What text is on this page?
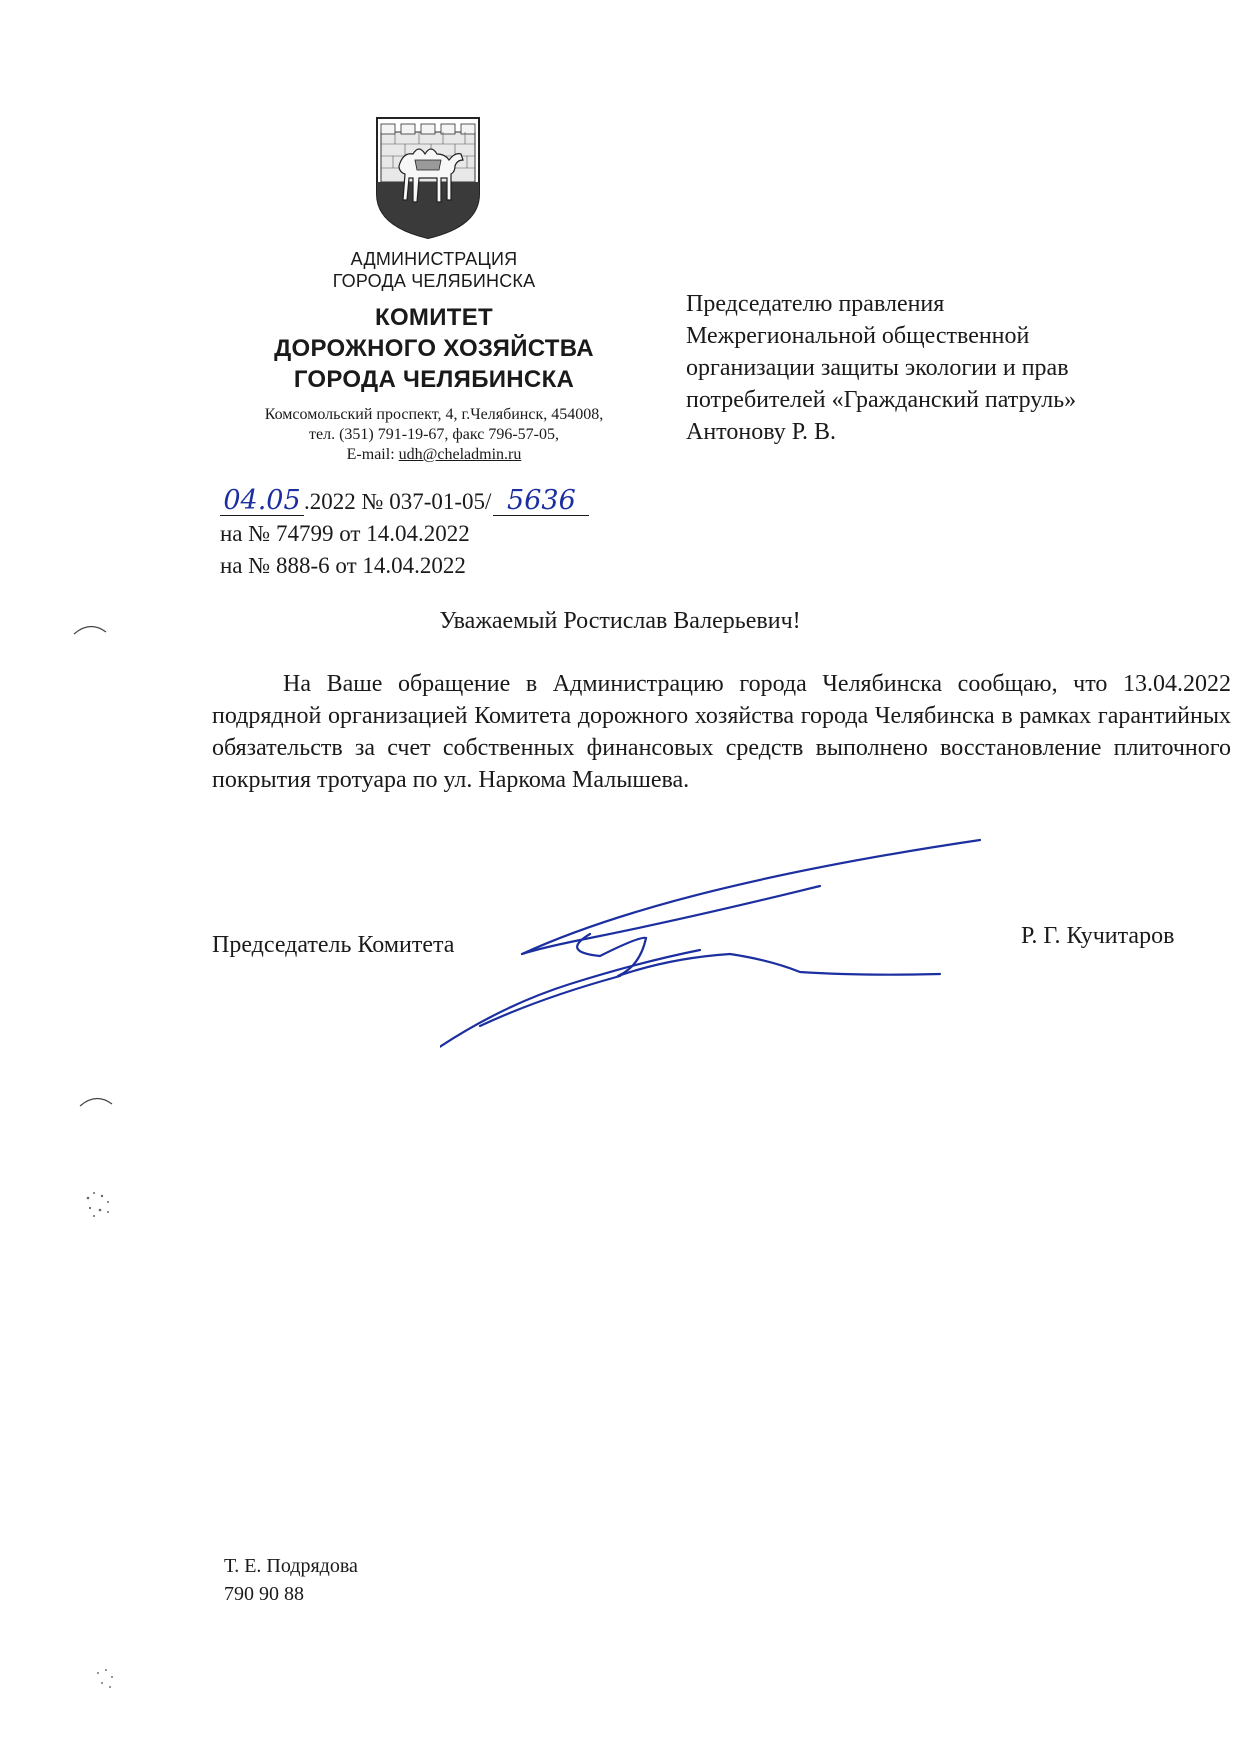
АДМИНИСТРАЦИЯ
ГОРОДА ЧЕЛЯБИНСКА
КОМИТЕТ
ДОРОЖНОГО ХОЗЯЙСТВА
ГОРОДА ЧЕЛЯБИНСКА
Комсомольский проспект, 4, г.Челябинск, 454008,
тел. (351) 791-19-67, факс 796-57-05,
E-mail: udh@cheladmin.ru
04.05 .2022 № 037-01-05/ 5636
на № 74799 от 14.04.2022
на № 888-6 от 14.04.2022
Председателю правления
Межрегиональной общественной
организации защиты экологии и прав
потребителей «Гражданский патруль»
Антонову Р. В.
Уважаемый Ростислав Валерьевич!

На Ваше обращение в Администрацию города Челябинска сообщаю, что 13.04.2022 подрядной организацией Комитета дорожного хозяйства города Челябинска в рамках гарантийных обязательств за счет собственных финансовых средств выполнено восстановление плиточного покрытия тротуара по ул. Наркома Малышева.

Председатель Комитета	Р. Г. Кучитаров
Т. Е. Подрядова
790 90 88
